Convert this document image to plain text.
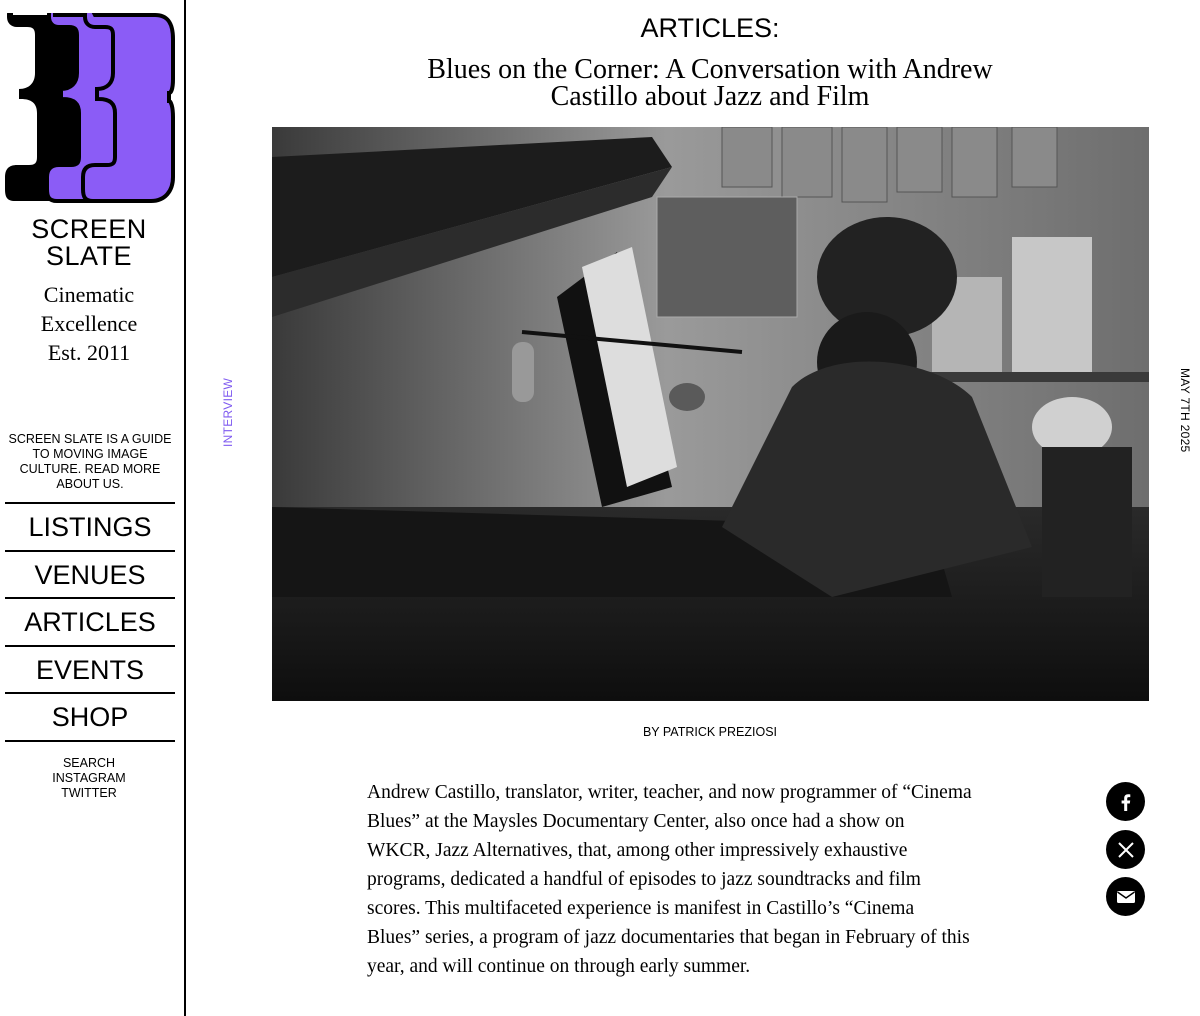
SCREEN
SLATE
Cinematic
Excellence
Est. 2011
SCREEN SLATE IS A GUIDE TO MOVING IMAGE CULTURE. READ MORE ABOUT US.
LISTINGS
VENUES
ARTICLES
EVENTS
SHOP
SEARCH
INSTAGRAM
TWITTER
ARTICLES:
Blues on the Corner: A Conversation with Andrew Castillo about Jazz and Film
INTERVIEW	MAY 7TH 2025
BY PATRICK PREZIOSI

Andrew Castillo, translator, writer, teacher, and now programmer of “Cinema Blues” at the Maysles Documentary Center, also once had a show on WKCR, Jazz Alternatives, that, among other impressively exhaustive programs, dedicated a handful of episodes to jazz soundtracks and film scores. This multifaceted experience is manifest in Castillo’s “Cinema Blues” series, a program of jazz documentaries that began in February of this year, and will continue on through early summer.
